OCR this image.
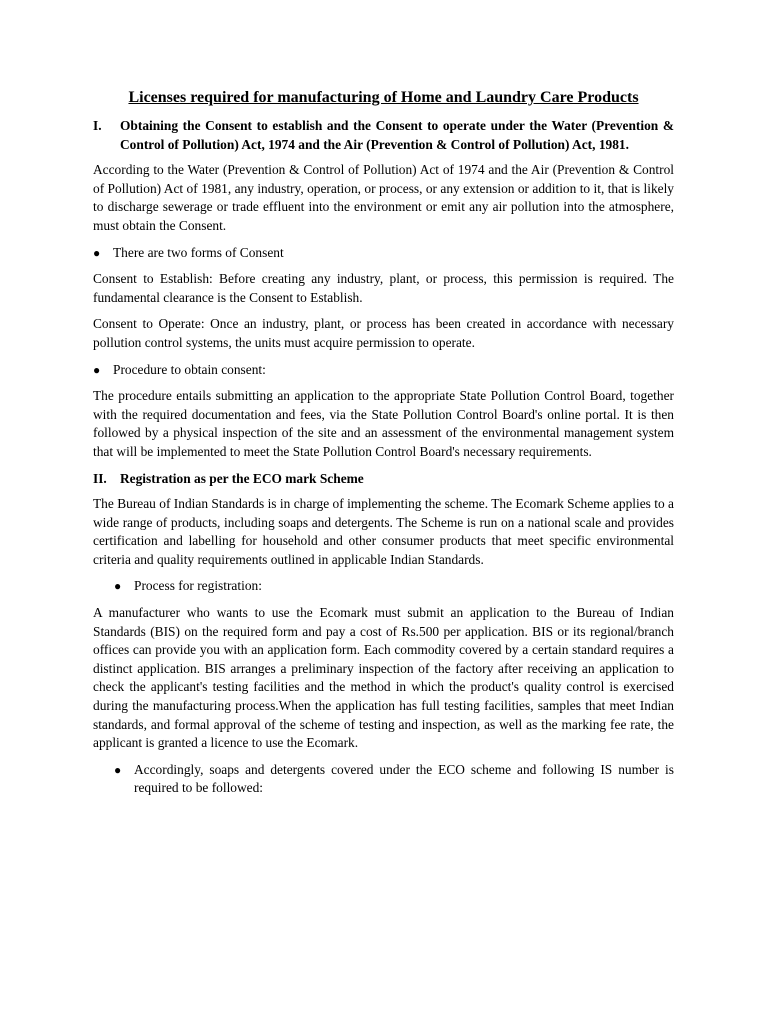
Licenses required for manufacturing of Home and Laundry Care Products
I.	Obtaining the Consent to establish and the Consent to operate under the Water (Prevention & Control of Pollution) Act, 1974 and the Air (Prevention & Control of Pollution) Act, 1981.

According to the Water (Prevention & Control of Pollution) Act of 1974 and the Air (Prevention & Control of Pollution) Act of 1981, any industry, operation, or process, or any extension or addition to it, that is likely to discharge sewerage or trade effluent into the environment or emit any air pollution into the atmosphere, must obtain the Consent.

● There are two forms of Consent

Consent to Establish: Before creating any industry, plant, or process, this permission is required. The fundamental clearance is the Consent to Establish.

Consent to Operate: Once an industry, plant, or process has been created in accordance with necessary pollution control systems, the units must acquire permission to operate.

● Procedure to obtain consent:

The procedure entails submitting an application to the appropriate State Pollution Control Board, together with the required documentation and fees, via the State Pollution Control Board's online portal. It is then followed by a physical inspection of the site and an assessment of the environmental management system that will be implemented to meet the State Pollution Control Board's necessary requirements.

II. Registration as per the ECO mark Scheme

The Bureau of Indian Standards is in charge of implementing the scheme. The Ecomark Scheme applies to a wide range of products, including soaps and detergents. The Scheme is run on a national scale and provides certification and labelling for household and other consumer products that meet specific environmental criteria and quality requirements outlined in applicable Indian Standards.

● Process for registration:

A manufacturer who wants to use the Ecomark must submit an application to the Bureau of Indian Standards (BIS) on the required form and pay a cost of Rs.500 per application. BIS or its regional/branch offices can provide you with an application form. Each commodity covered by a certain standard requires a distinct application. BIS arranges a preliminary inspection of the factory after receiving an application to check the applicant's testing facilities and the method in which the product's quality control is exercised during the manufacturing process.When the application has full testing facilities, samples that meet Indian standards, and formal approval of the scheme of testing and inspection, as well as the marking fee rate, the applicant is granted a licence to use the Ecomark.

● Accordingly, soaps and detergents covered under the ECO scheme and following IS number is required to be followed:
